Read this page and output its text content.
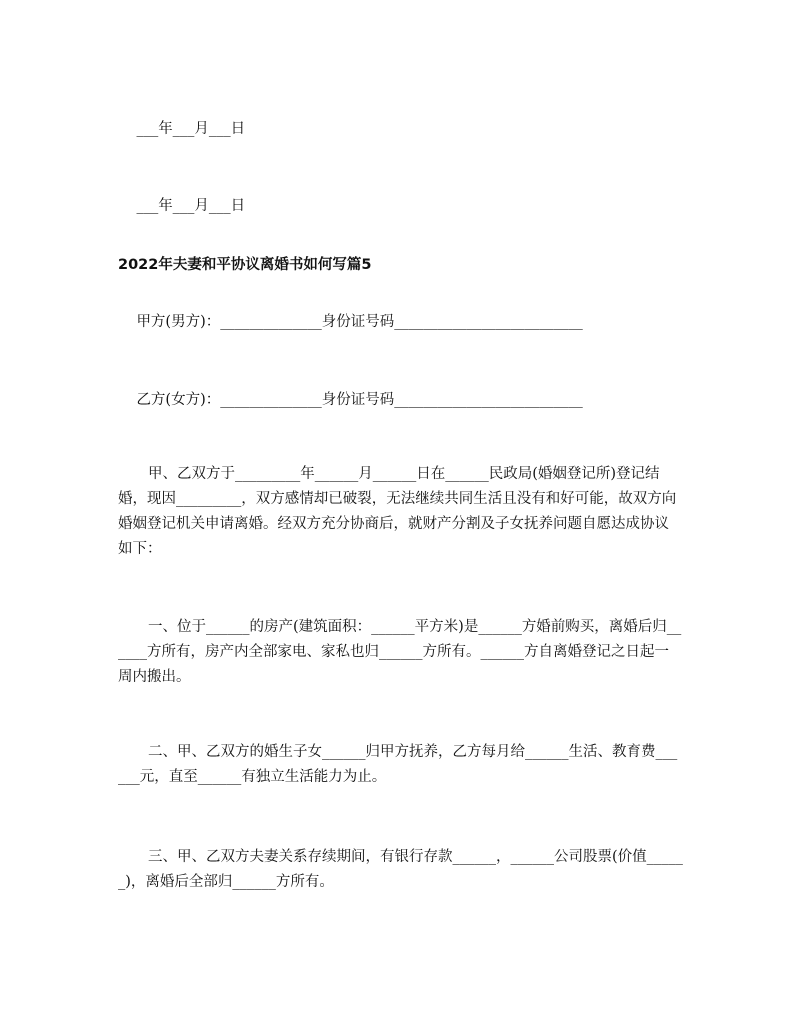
___年___月___日
___年___月___日
2022年夫妻和平协议离婚书如何写篇5
甲方(男方)：______________身份证号码__________________________
乙方(女方)：______________身份证号码__________________________
甲、乙双方于_________年______月______日在______民政局(婚姻登记所)登记结婚，现因_________，双方感情却已破裂，无法继续共同生活且没有和好可能，故双方向婚姻登记机关申请离婚。经双方充分协商后，就财产分割及子女抚养问题自愿达成协议如下：
一、位于______的房产(建筑面积：______平方米)是______方婚前购买，离婚后归______方所有，房产内全部家电、家私也归______方所有。______方自离婚登记之日起一周内搬出。
二、甲、乙双方的婚生子女______归甲方抚养，乙方每月给______生活、教育费______元，直至______有独立生活能力为止。
三、甲、乙双方夫妻关系存续期间，有银行存款______，______公司股票(价值______)，离婚后全部归______方所有。
